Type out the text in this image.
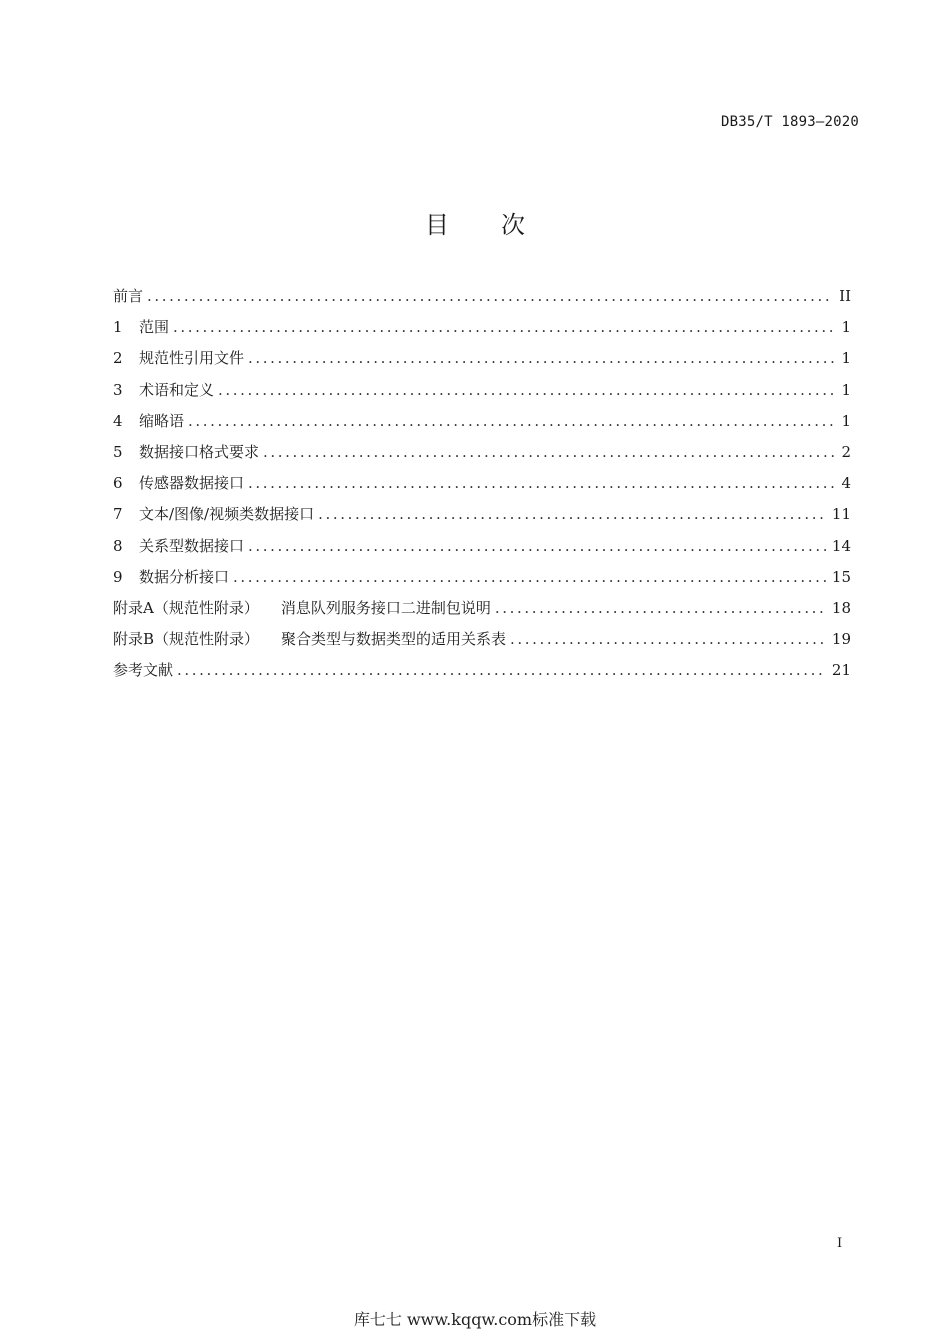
DB35/T 1893—2020
目 次
前言 .....	II
1	范围 .....	1
2	规范性引用文件 .....	1
3	术语和定义 .....	1
4	缩略语 .....	1
5	数据接口格式要求 .....	2
6	传感器数据接口 .....	4
7	文本/图像/视频类数据接口 .....	11
8	关系型数据接口 .....	14
9	数据分析接口 .....	15
附录A（规范性附录） 消息队列服务接口二进制包说明 .....	18
附录B（规范性附录） 聚合类型与数据类型的适用关系表 .....	19
参考文献 .....	21
I
库七七 www.kqqw.com标准下载
